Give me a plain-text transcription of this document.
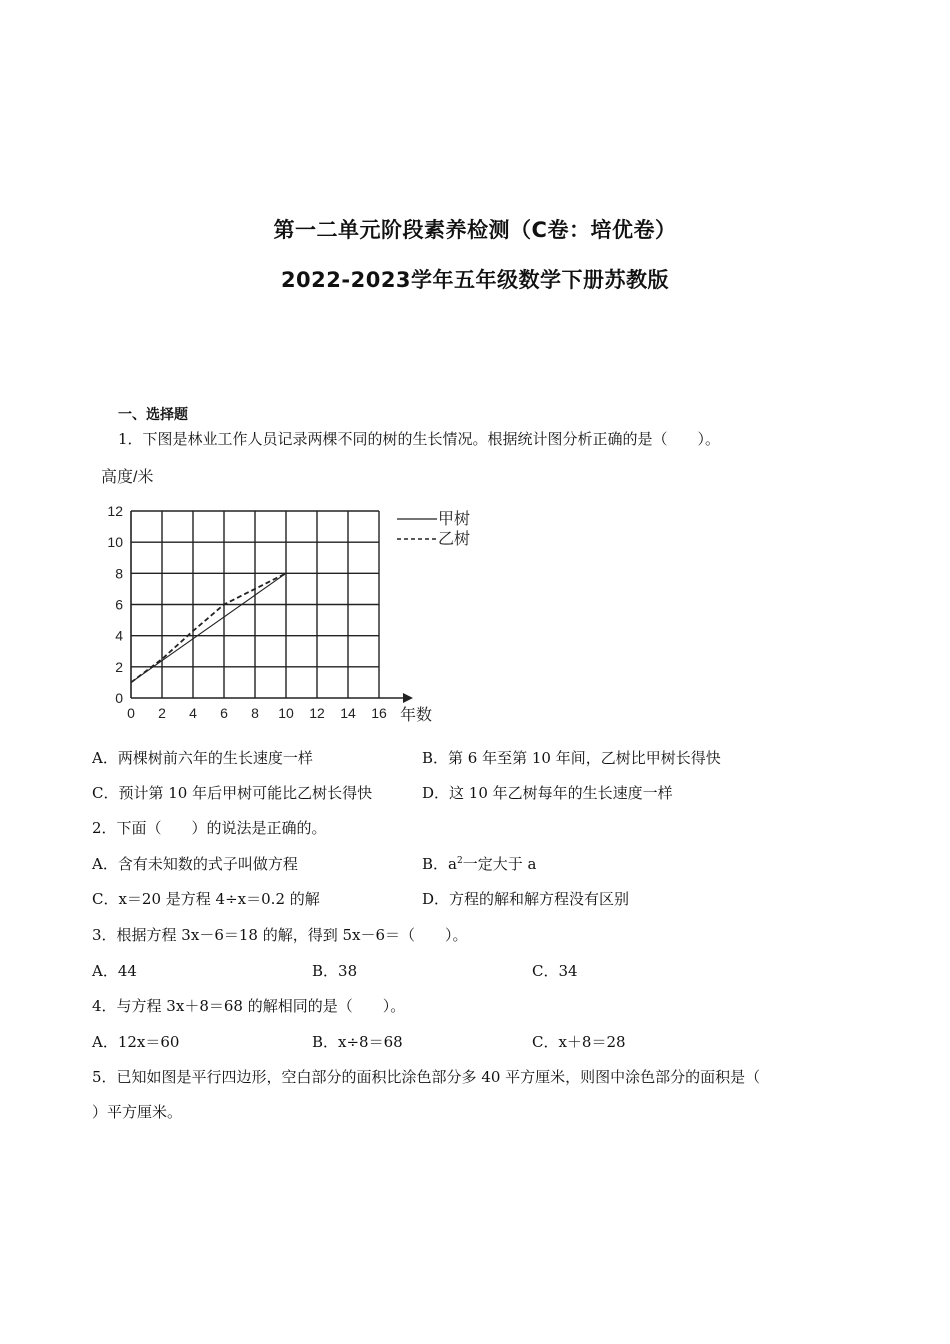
第一二单元阶段素养检测（C卷：培优卷）
2022-2023学年五年级数学下册苏教版
一、选择题
1．下图是林业工作人员记录两棵不同的树的生长情况。根据统计图分析正确的是（　　）。
0 2 4 6 8 10 12 14 16
0
2
4
6
8
10
12
高度/米
年数
甲树
乙树
A．两棵树前六年的生长速度一样	B．第 6 年至第 10 年间，乙树比甲树长得快
C．预计第 10 年后甲树可能比乙树长得快	D．这 10 年乙树每年的生长速度一样
2．下面（　　）的说法是正确的。
A．含有未知数的式子叫做方程	B．$a^2$一定大于 a
C．x＝20 是方程 4÷x＝0.2 的解	D．方程的解和解方程没有区别
3．根据方程 3x－6＝18 的解，得到 5x－6＝（　　）。
A．44	B．38	C．34
4．与方程 3x＋8＝68 的解相同的是（　　）。
A．12x＝60	B．x÷8＝68	C．x＋8＝28
5．已知如图是平行四边形，空白部分的面积比涂色部分多 40 平方厘米，则图中涂色部分的面积是（
）平方厘米。
